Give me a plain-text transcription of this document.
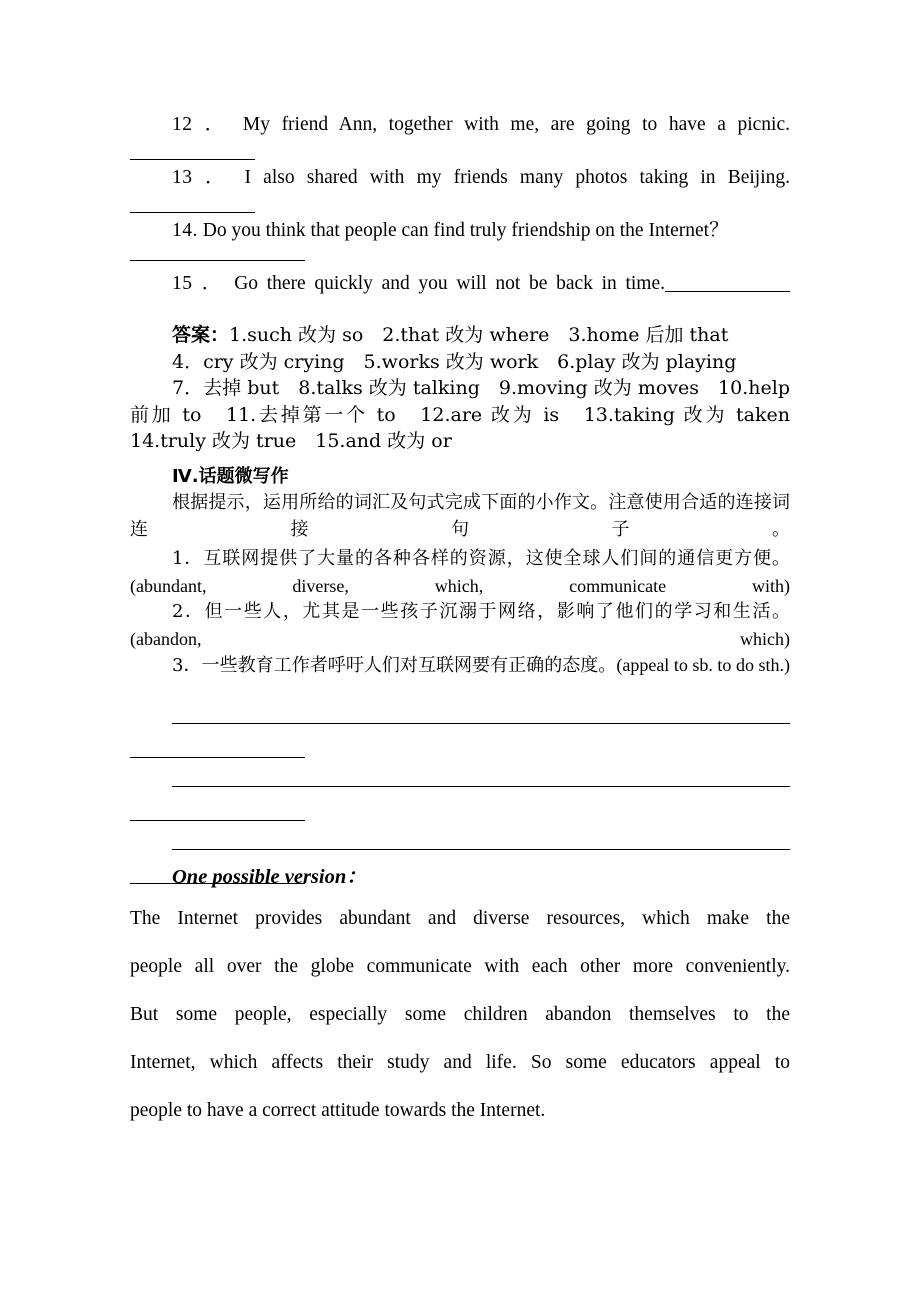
12 ． My friend Ann, together with me, are going to have a picnic.

13 ． I also shared with my friends many photos taking in Beijing.

14. Do you think that people can find truly friendship on the Internet？

15 ． Go there quickly and you will not be back in time.

答案：1.such 改为 so　2.that 改为 where　3.home 后加 that

4．cry 改为 crying　5.works 改为 work　6.play 改为 playing

7．去掉 but　8.talks 改为 talking　9.moving 改为 moves　10.help 前加 to　11.去掉第一个 to　12.are 改为 is　13.taking 改为 taken

14.truly 改为 true　15.and 改为 or

Ⅳ.话题微写作

根据提示，运用所给的词汇及句式完成下面的小作文。注意使用合适的连接词连接句子。

1．互联网提供了大量的各种各样的资源，这使全球人们间的通信更方便。(abundant, diverse, which, communicate with)

2．但一些人，尤其是一些孩子沉溺于网络，影响了他们的学习和生活。(abandon, which)

3．一些教育工作者呼吁人们对互联网要有正确的态度。(appeal to sb. to do sth.)

One possible version：

The Internet provides abundant and diverse resources, which make the
people all over the globe communicate with each other more conveniently.
But some people, especially some children abandon themselves to the
Internet, which affects their study and life. So some educators appeal to
people to have a correct attitude towards the Internet.
